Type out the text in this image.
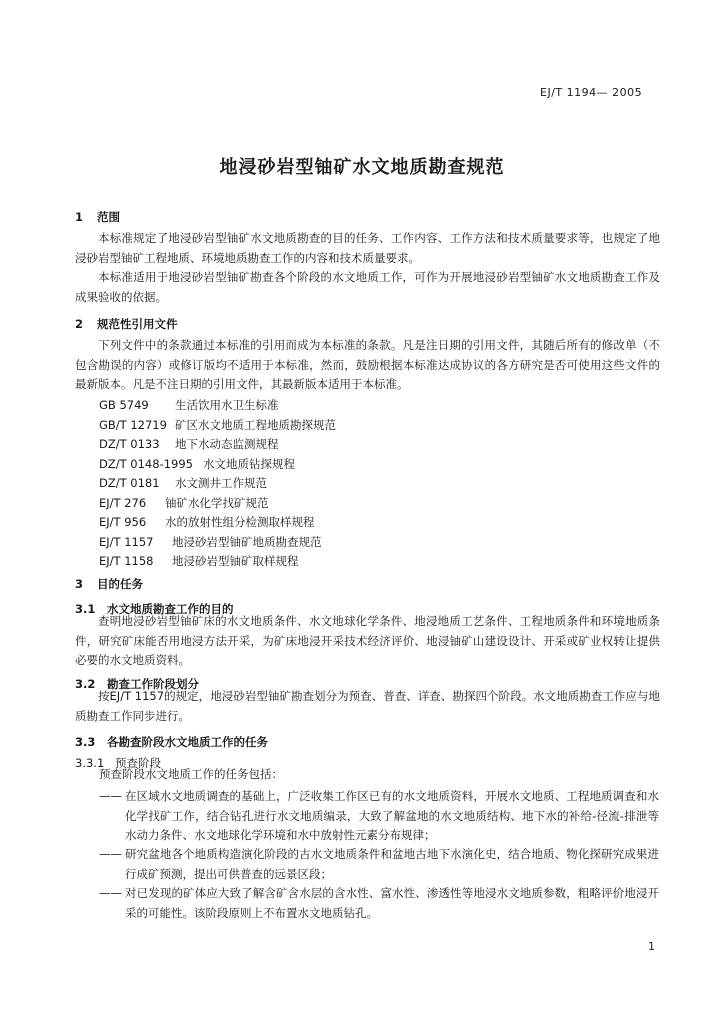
EJ/T 1194— 2005
地浸砂岩型铀矿水文地质勘查规范
1 范围
本标准规定了地浸砂岩型铀矿水文地质勘查的目的任务、工作内容、工作方法和技术质量要求等，也规定了地浸砂岩型铀矿工程地质、环境地质勘查工作的内容和技术质量要求。
本标准适用于地浸砂岩型铀矿勘查各个阶段的水文地质工作，可作为开展地浸砂岩型铀矿水文地质勘查工作及成果验收的依据。
2 规范性引用文件
下列文件中的条款通过本标准的引用而成为本标准的条款。凡是注日期的引用文件，其随后所有的修改单（不包含勘误的内容）或修订版均不适用于本标准，然而，鼓励根据本标准达成协议的各方研究是否可使用这些文件的最新版本。凡是不注日期的引用文件，其最新版本适用于本标准。
GB 5749 生活饮用水卫生标准
GB/T 12719 矿区水文地质工程地质勘探规范
DZ/T 0133 地下水动态监测规程
DZ/T 0148-1995 水文地质钻探规程
DZ/T 0181 水文测井工作规范
EJ/T 276 铀矿水化学找矿规范
EJ/T 956 水的放射性组分检测取样规程
EJ/T 1157 地浸砂岩型铀矿地质勘查规范
EJ/T 1158 地浸砂岩型铀矿取样规程
3 目的任务
3.1 水文地质勘查工作的目的
查明地浸砂岩型铀矿床的水文地质条件、水文地球化学条件、地浸地质工艺条件、工程地质条件和环境地质条件，研究矿床能否用地浸方法开采，为矿床地浸开采技术经济评价、地浸铀矿山建设设计、开采或矿业权转让提供必要的水文地质资料。
3.2 勘查工作阶段划分
按EJ/T 1157的规定，地浸砂岩型铀矿勘查划分为预查、普查、详查、勘探四个阶段。水文地质勘查工作应与地质勘查工作同步进行。
3.3 各勘查阶段水文地质工作的任务
3.3.1 预查阶段
预查阶段水文地质工作的任务包括：
—— 在区域水文地质调查的基础上，广泛收集工作区已有的水文地质资料，开展水文地质、工程地质调查和水化学找矿工作，结合钻孔进行水文地质编录，大致了解盆地的水文地质结构、地下水的补给-径流-排泄等水动力条件、水文地球化学环境和水中放射性元素分布规律；
—— 研究盆地各个地质构造演化阶段的古水文地质条件和盆地古地下水演化史，结合地质、物化探研究成果进行成矿预测，提出可供普查的远景区段；
—— 对已发现的矿体应大致了解含矿含水层的含水性、富水性、渗透性等地浸水文地质参数，粗略评价地浸开采的可能性。该阶段原则上不布置水文地质钻孔。
1
